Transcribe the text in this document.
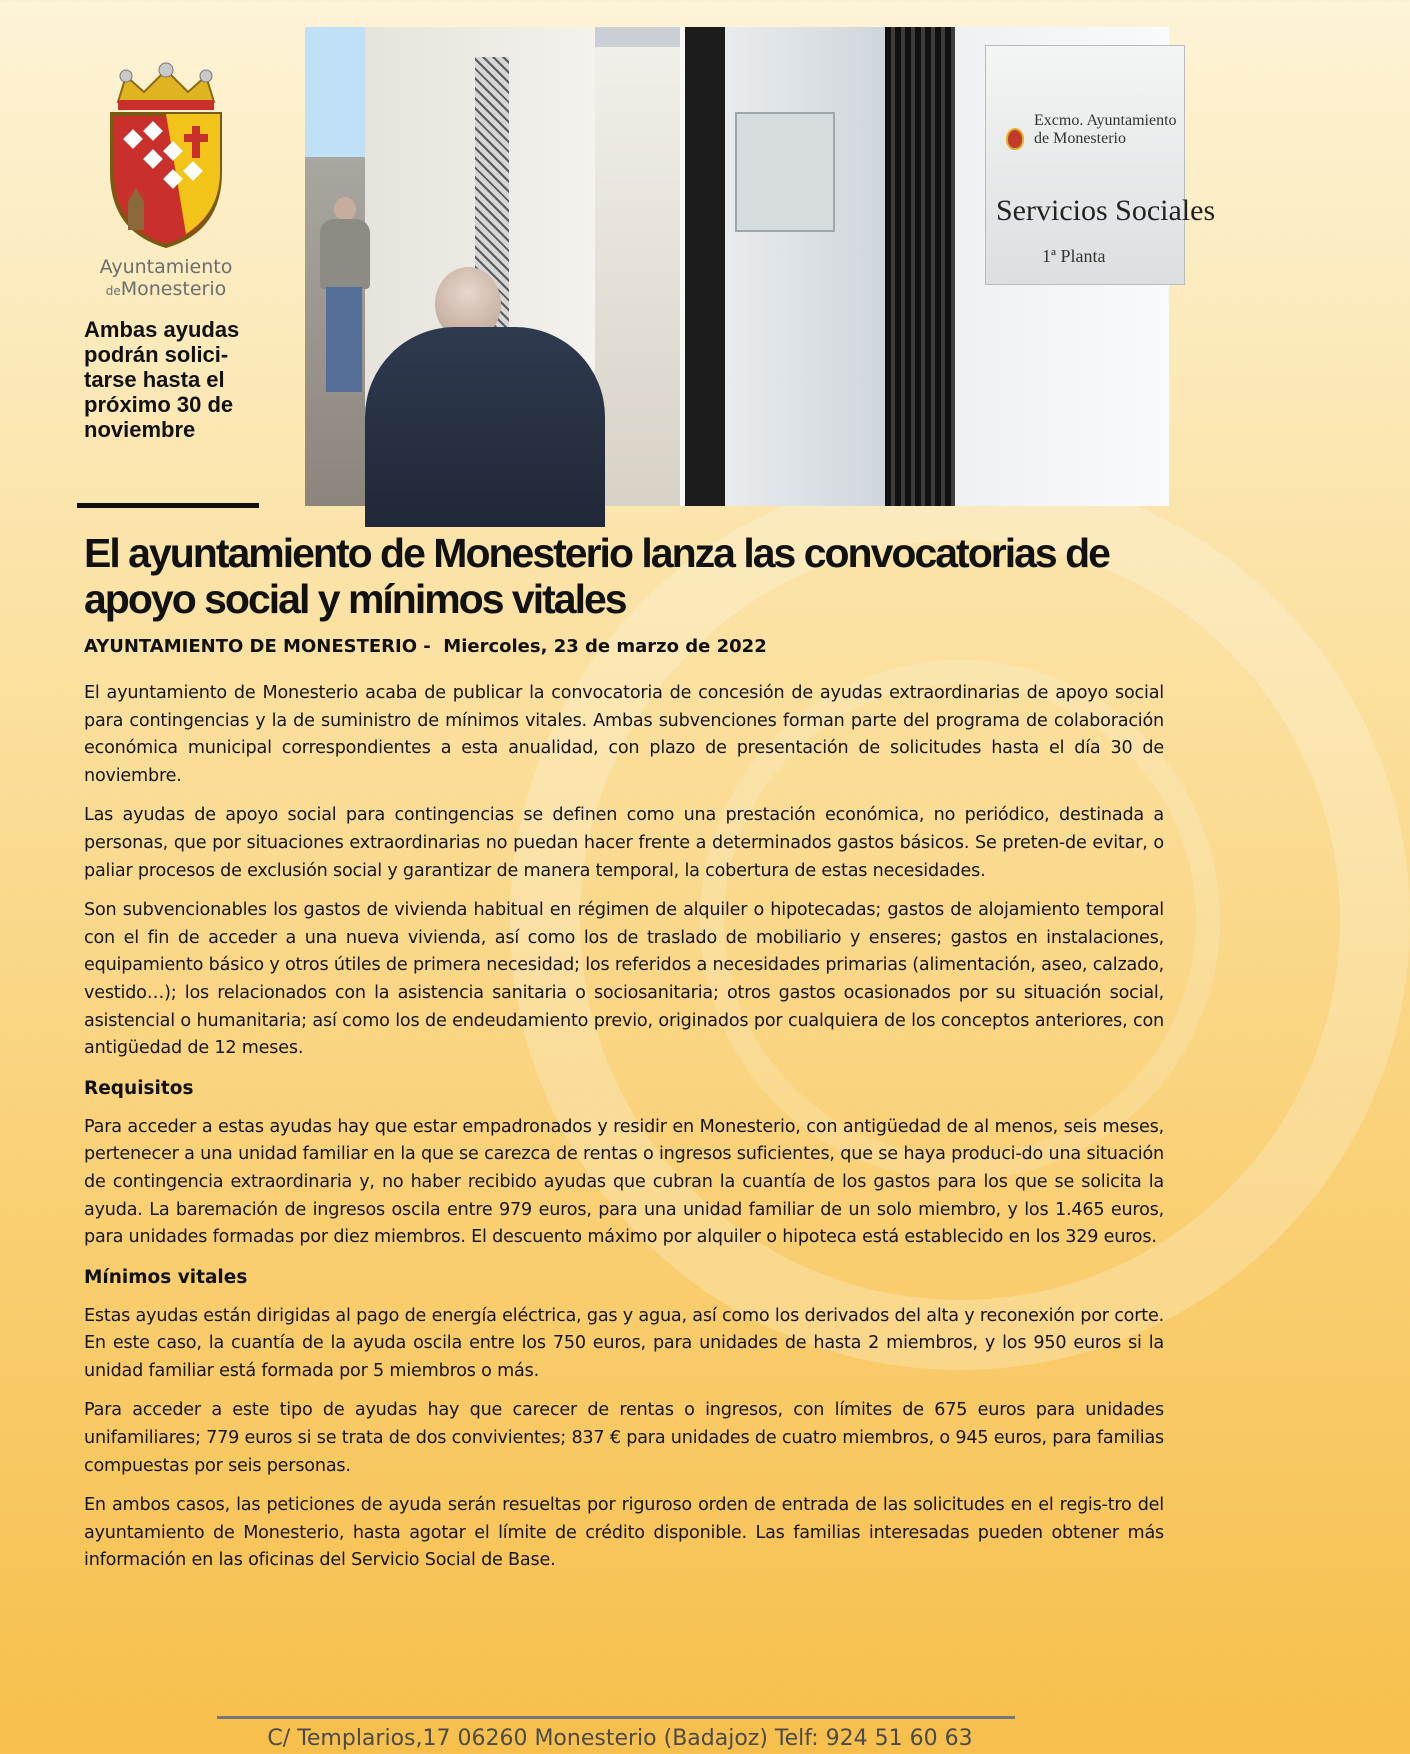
Ayuntamiento
deMonesterio
Ambas ayudas podrán solici- tarse hasta el próximo 30 de noviembre
Excmo. Ayuntamiento
de Monesterio
Servicios Sociales
1ª Planta
El ayuntamiento de Monesterio lanza las convocatorias de apoyo social y mínimos vitales
AYUNTAMIENTO DE MONESTERIO -  Miercoles, 23 de marzo de 2022

El ayuntamiento de Monesterio acaba de publicar la convocatoria de concesión de ayudas extraordinarias de apoyo social para contingencias y la de suministro de mínimos vitales. Ambas subvenciones forman parte del programa de colaboración económica municipal correspondientes a esta anualidad, con plazo de presentación de solicitudes hasta el día 30 de noviembre.

Las ayudas de apoyo social para contingencias se definen como una prestación económica, no periódico, destinada a personas, que por situaciones extraordinarias no puedan hacer frente a determinados gastos básicos. Se preten-de evitar, o paliar procesos de exclusión social y garantizar de manera temporal, la cobertura de estas necesidades.

Son subvencionables los gastos de vivienda habitual en régimen de alquiler o hipotecadas; gastos de alojamiento temporal con el fin de acceder a una nueva vivienda, así como los de traslado de mobiliario y enseres; gastos en instalaciones, equipamiento básico y otros útiles de primera necesidad; los referidos a necesidades primarias (alimentación, aseo, calzado, vestido…); los relacionados con la asistencia sanitaria o sociosanitaria; otros gastos ocasionados por su situación social, asistencial o humanitaria; así como los de endeudamiento previo, originados por cualquiera de los conceptos anteriores, con antigüedad de 12 meses.

Requisitos

Para acceder a estas ayudas hay que estar empadronados y residir en Monesterio, con antigüedad de al menos, seis meses, pertenecer a una unidad familiar en la que se carezca de rentas o ingresos suficientes, que se haya produci-do una situación de contingencia extraordinaria y, no haber recibido ayudas que cubran la cuantía de los gastos para los que se solicita la ayuda. La baremación de ingresos oscila entre 979 euros, para una unidad familiar de un solo miembro, y los 1.465 euros, para unidades formadas por diez miembros. El descuento máximo por alquiler o hipoteca está establecido en los 329 euros.

Mínimos vitales

Estas ayudas están dirigidas al pago de energía eléctrica, gas y agua, así como los derivados del alta y reconexión por corte. En este caso, la cuantía de la ayuda oscila entre los 750 euros, para unidades de hasta 2 miembros, y los 950 euros si la unidad familiar está formada por 5 miembros o más.

Para acceder a este tipo de ayudas hay que carecer de rentas o ingresos, con límites de 675 euros para unidades unifamiliares; 779 euros si se trata de dos convivientes; 837 € para unidades de cuatro miembros, o 945 euros, para familias compuestas por seis personas.

En ambos casos, las peticiones de ayuda serán resueltas por riguroso orden de entrada de las solicitudes en el regis-tro del ayuntamiento de Monesterio, hasta agotar el límite de crédito disponible. Las familias interesadas pueden obtener más información en las oficinas del Servicio Social de Base.

C/ Templarios,17 06260 Monesterio (Badajoz) Telf: 924 51 60 63
